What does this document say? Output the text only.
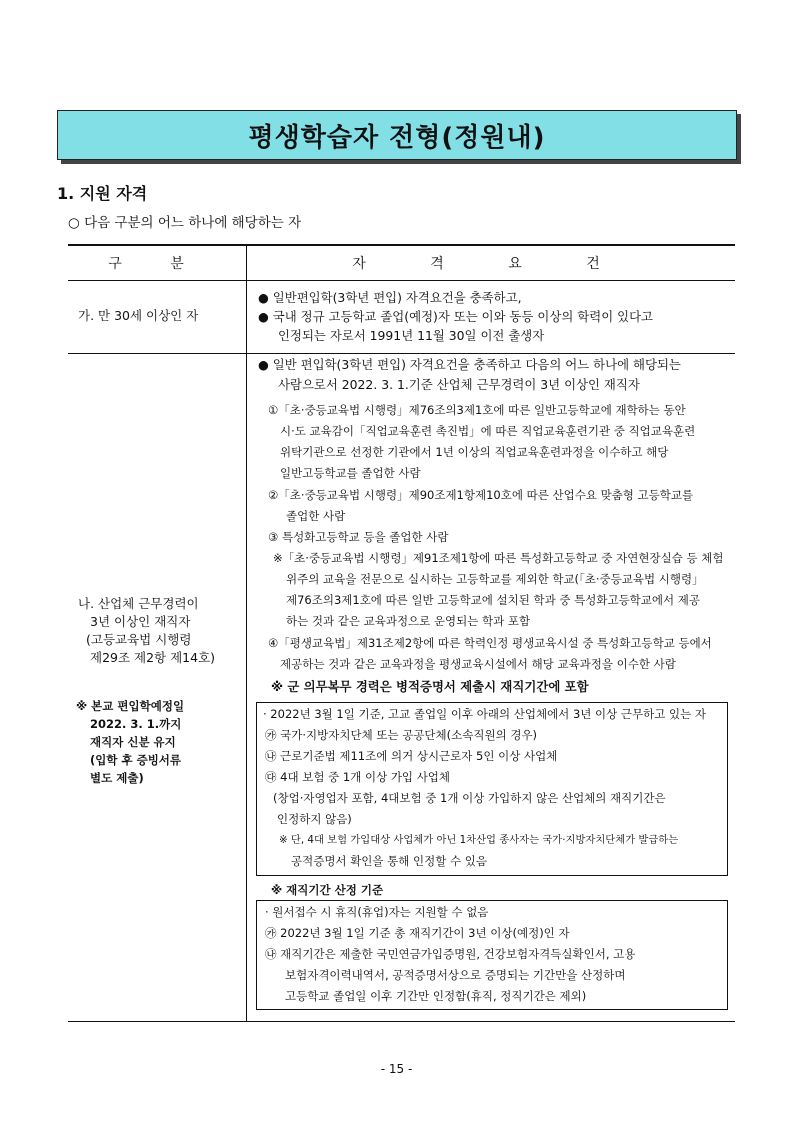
평생학습자 전형(정원내)
1. 지원 자격
○ 다음 구분의 어느 하나에 해당하는 자
구 분	자 격 요 건
가. 만 30세 이상인 자
● 일반편입학(3학년 편입) 자격요건을 충족하고,
● 국내 정규 고등학교 졸업(예정)자 또는 이와 동등 이상의 학력이 있다고
인정되는 자로서 1991년 11월 30일 이전 출생자
나. 산업체 근무경력이
3년 이상인 재직자
(고등교육법 시행령
제29조 제2항 제14호)
※ 본교 편입학예정일
2022. 3. 1.까지
재직자 신분 유지
(입학 후 증빙서류
별도 제출)
● 일반 편입학(3학년 편입) 자격요건을 충족하고 다음의 어느 하나에 해당되는
사람으로서 2022. 3. 1.기준 산업체 근무경력이 3년 이상인 재직자
①「초·중등교육법 시행령」제76조의3제1호에 따른 일반고등학교에 재학하는 동안
시·도 교육감이「직업교육훈련 촉진법」에 따른 직업교육훈련기관 중 직업교육훈련
위탁기관으로 선정한 기관에서 1년 이상의 직업교육훈련과정을 이수하고 해당
일반고등학교를 졸업한 사람
②「초·중등교육법 시행령」제90조제1항제10호에 따른 산업수요 맞춤형 고등학교를
졸업한 사람
③ 특성화고등학교 등을 졸업한 사람
※「초·중등교육법 시행령」제91조제1항에 따른 특성화고등학교 중 자연현장실습 등 체험
위주의 교육을 전문으로 실시하는 고등학교를 제외한 학교(「초·중등교육법 시행령」
제76조의3제1호에 따른 일반 고등학교에 설치된 학과 중 특성화고등학교에서 제공
하는 것과 같은 교육과정으로 운영되는 학과 포함
④「평생교육법」제31조제2항에 따른 학력인정 평생교육시설 중 특성화고등학교 등에서
제공하는 것과 같은 교육과정을 평생교육시설에서 해당 교육과정을 이수한 사람
※ 군 의무복무 경력은 병적증명서 제출시 재직기간에 포함
· 2022년 3월 1일 기준, 고교 졸업일 이후 아래의 산업체에서 3년 이상 근무하고 있는 자
㉮ 국가·지방자치단체 또는 공공단체(소속직원의 경우)
㉯ 근로기준법 제11조에 의거 상시근로자 5인 이상 사업체
㉰ 4대 보험 중 1개 이상 가입 사업체
(창업·자영업자 포함, 4대보험 중 1개 이상 가입하지 않은 산업체의 재직기간은
인정하지 않음)
※ 단, 4대 보험 가입대상 사업체가 아닌 1차산업 종사자는 국가·지방자치단체가 발급하는
공적증명서 확인을 통해 인정할 수 있음
※ 재직기간 산정 기준
· 원서접수 시 휴직(휴업)자는 지원할 수 없음
㉮ 2022년 3월 1일 기준 총 재직기간이 3년 이상(예정)인 자
㉯ 재직기간은 제출한 국민연금가입증명원, 건강보험자격득실확인서, 고용
보험자격이력내역서, 공적증명서상으로 증명되는 기간만을 산정하며
고등학교 졸업일 이후 기간만 인정함(휴직, 정직기간은 제외)
- 15 -
